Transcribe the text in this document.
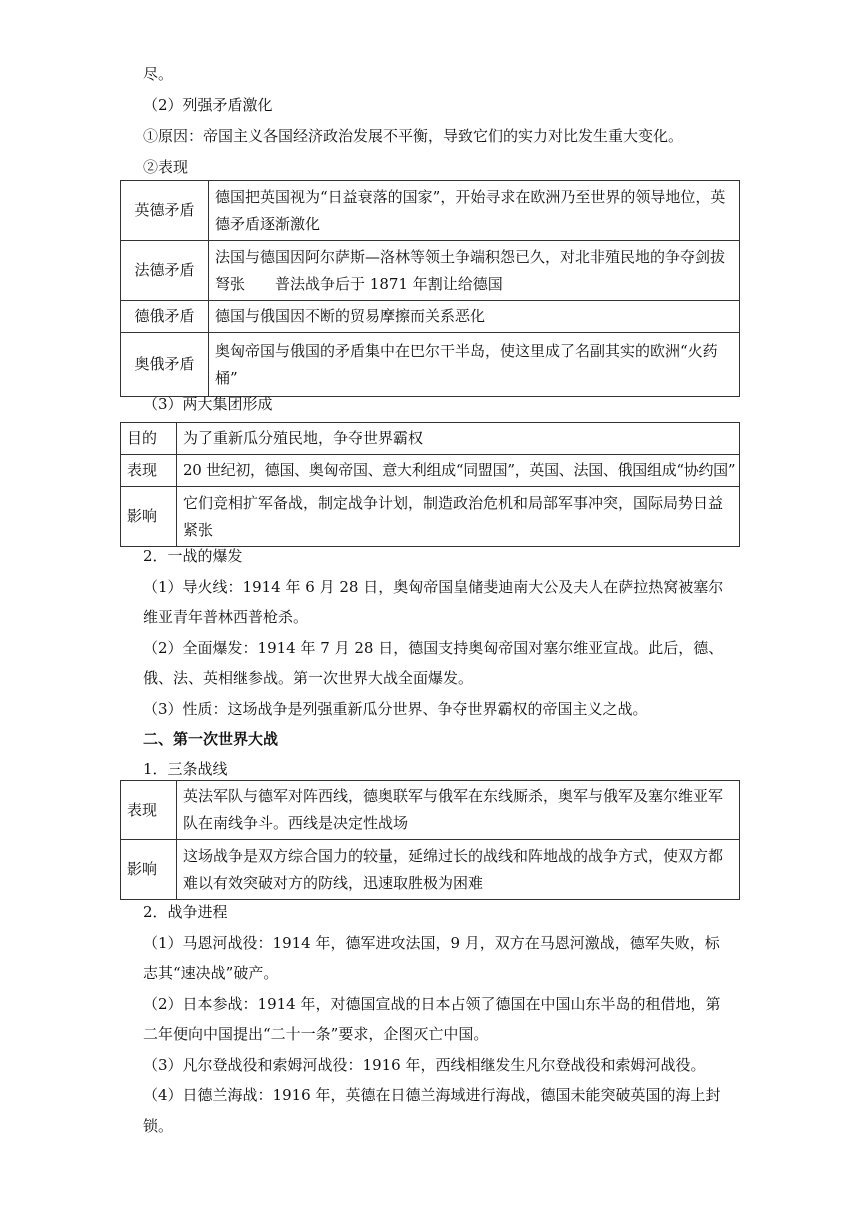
尽。
（2）列强矛盾激化
①原因：帝国主义各国经济政治发展不平衡，导致它们的实力对比发生重大变化。
②表现
英德矛盾	德国把英国视为“日益衰落的国家”，开始寻求在欧洲乃至世界的领导地位，英
德矛盾逐渐激化

法德矛盾	法国与德国因阿尔萨斯—洛林等领土争端积怨已久，对北非殖民地的争夺剑拔
弩张　　普法战争后于 1871 年割让给德国

德俄矛盾	德国与俄国因不断的贸易摩擦而关系恶化

奥俄矛盾	奥匈帝国与俄国的矛盾集中在巴尔干半岛，使这里成了名副其实的欧洲“火药
桶”
（3）两大集团形成
目的	为了重新瓜分殖民地，争夺世界霸权
表现	20 世纪初，德国、奥匈帝国、意大利组成“同盟国”，英国、法国、俄国组成“协约国”
影响	它们竞相扩军备战，制定战争计划，制造政治危机和局部军事冲突，国际局势日益
紧张
2．一战的爆发
（1）导火线：1914 年 6 月 28 日，奥匈帝国皇储斐迪南大公及夫人在萨拉热窝被塞尔
维亚青年普林西普枪杀。
（2）全面爆发：1914 年 7 月 28 日，德国支持奥匈帝国对塞尔维亚宣战。此后，德、
俄、法、英相继参战。第一次世界大战全面爆发。
（3）性质：这场战争是列强重新瓜分世界、争夺世界霸权的帝国主义之战。
二、第一次世界大战
1．三条战线
表现	英法军队与德军对阵西线，德奥联军与俄军在东线厮杀，奥军与俄军及塞尔维亚军
队在南线争斗。西线是决定性战场

影响	这场战争是双方综合国力的较量，延绵过长的战线和阵地战的战争方式，使双方都
难以有效突破对方的防线，迅速取胜极为困难
2．战争进程
（1）马恩河战役：1914 年，德军进攻法国，9 月，双方在马恩河激战，德军失败，标
志其“速决战”破产。
（2）日本参战：1914 年，对德国宣战的日本占领了德国在中国山东半岛的租借地，第
二年便向中国提出“二十一条”要求，企图灭亡中国。
（3）凡尔登战役和索姆河战役：1916 年，西线相继发生凡尔登战役和索姆河战役。
（4）日德兰海战：1916 年，英德在日德兰海域进行海战，德国未能突破英国的海上封
锁。
